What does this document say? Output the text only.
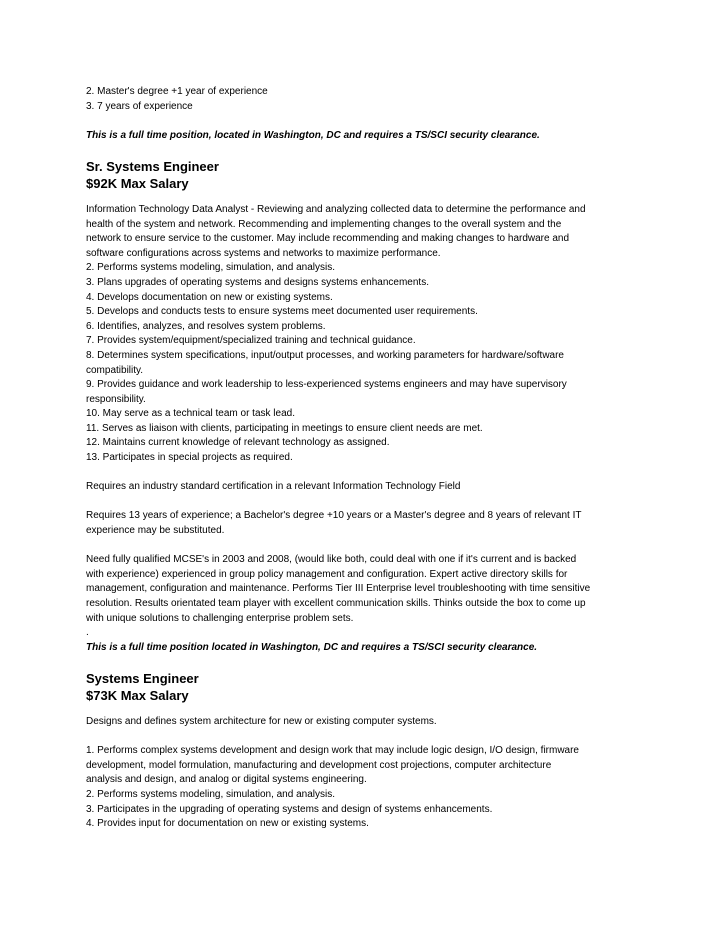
2. Master's degree +1 year of experience
3. 7 years of experience
This is a full time position, located in Washington, DC and requires a TS/SCI security clearance.
Sr. Systems Engineer
$92K Max Salary
Information Technology Data Analyst - Reviewing and analyzing collected data to determine the performance and
health of the system and network. Recommending and implementing changes to the overall system and the
network to ensure service to the customer. May include recommending and making changes to hardware and
software configurations across systems and networks to maximize performance.
2. Performs systems modeling, simulation, and analysis.
3. Plans upgrades of operating systems and designs systems enhancements.
4. Develops documentation on new or existing systems.
5. Develops and conducts tests to ensure systems meet documented user requirements.
6. Identifies, analyzes, and resolves system problems.
7. Provides system/equipment/specialized training and technical guidance.
8. Determines system specifications, input/output processes, and working parameters for hardware/software
compatibility.
9. Provides guidance and work leadership to less-experienced systems engineers and may have supervisory
responsibility.
10. May serve as a technical team or task lead.
11. Serves as liaison with clients, participating in meetings to ensure client needs are met.
12. Maintains current knowledge of relevant technology as assigned.
13. Participates in special projects as required.
Requires an industry standard certification in a relevant Information Technology Field
Requires 13 years of experience; a Bachelor's degree +10 years or a Master's degree and 8 years of relevant IT
experience may be substituted.
Need fully qualified MCSE's in 2003 and 2008, (would like both, could deal with one if it's current and is backed
with experience) experienced in group policy management and configuration. Expert active directory skills for
management, configuration and maintenance. Performs Tier III Enterprise level troubleshooting with time sensitive
resolution. Results orientated team player with excellent communication skills. Thinks outside the box to come up
with unique solutions to challenging enterprise problem sets.
.
This is a full time position located in Washington, DC and requires a TS/SCI security clearance.
Systems Engineer
$73K Max Salary
Designs and defines system architecture for new or existing computer systems.
1. Performs complex systems development and design work that may include logic design, I/O design, firmware
development, model formulation, manufacturing and development cost projections, computer architecture
analysis and design, and analog or digital systems engineering.
2. Performs systems modeling, simulation, and analysis.
3. Participates in the upgrading of operating systems and design of systems enhancements.
4. Provides input for documentation on new or existing systems.
